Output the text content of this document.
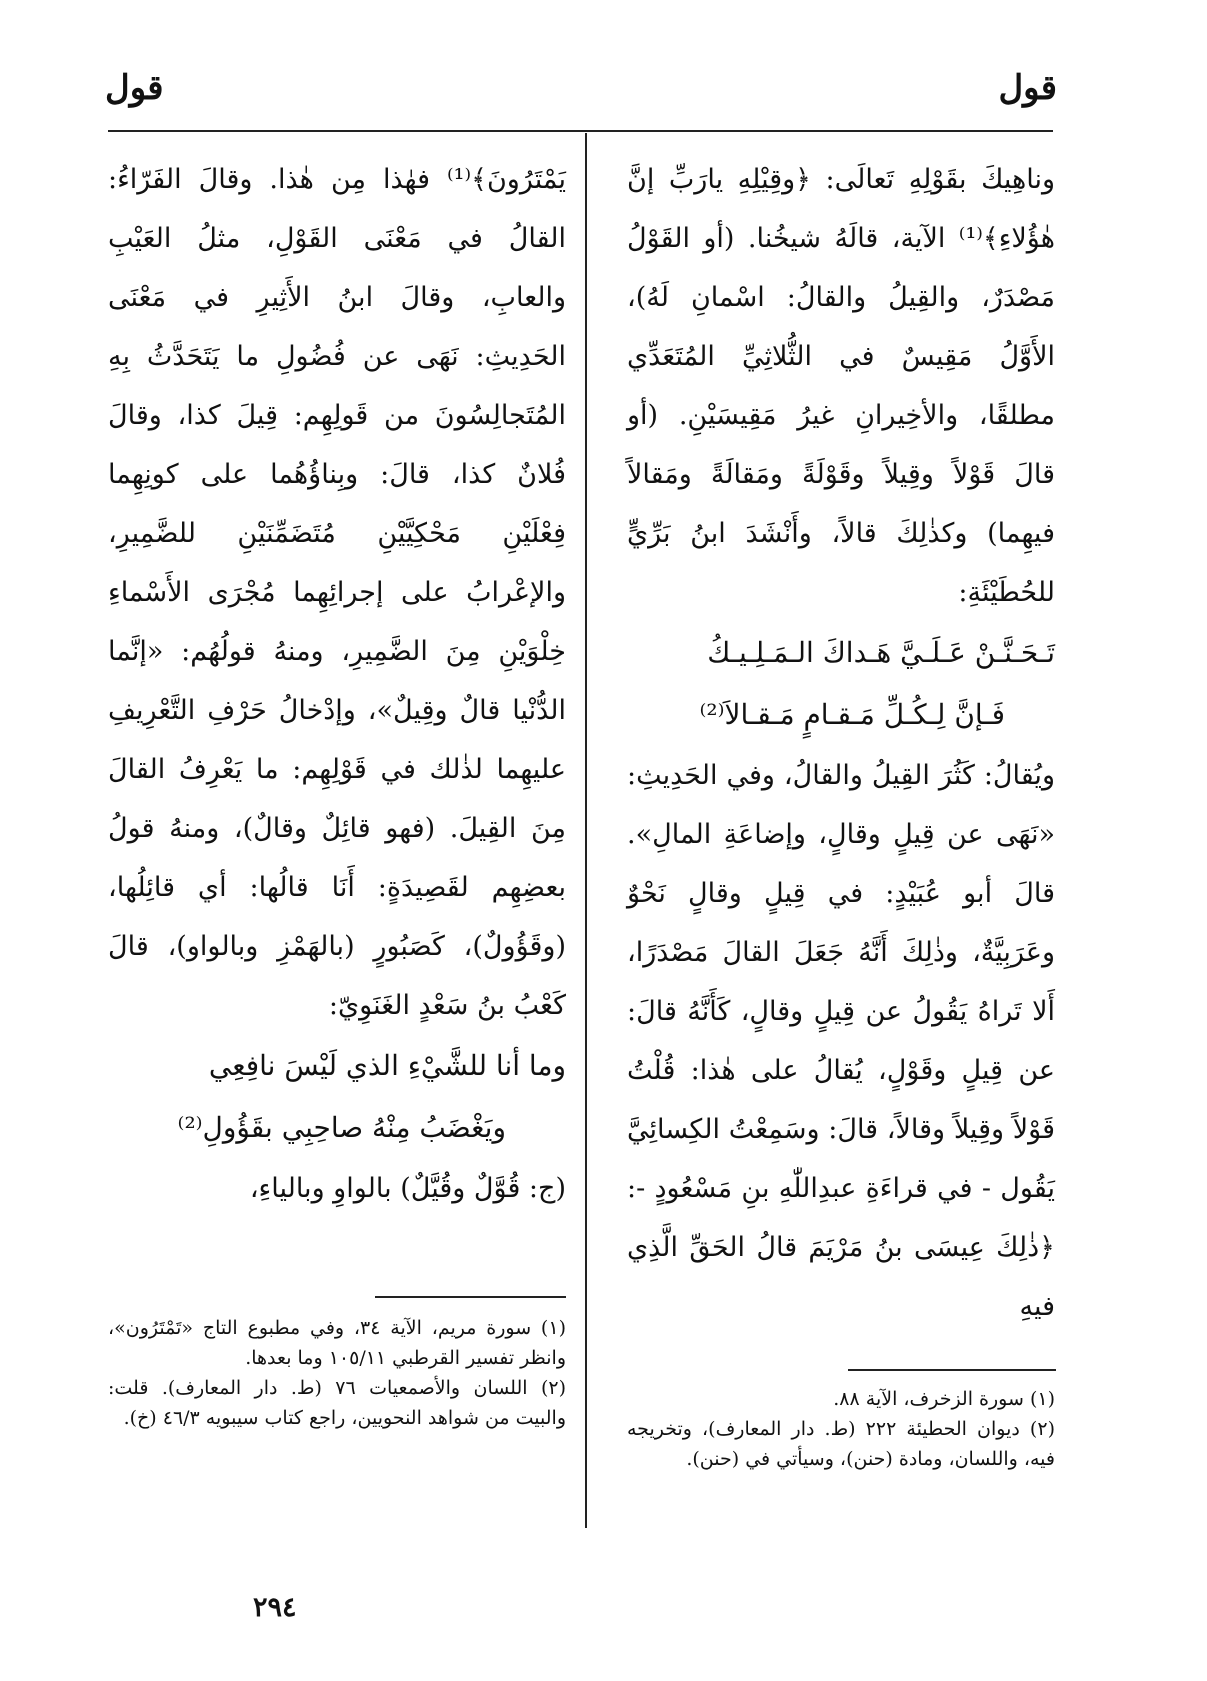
قول
قول

وناهِيكَ بقَوْلِهِ تَعالَى: ﴿وقِيْلِهِ يارَبِّ إنَّ هٰؤُلاءِ﴾⁽¹⁾ الآية، قالَهُ شيخُنا. (أو القَوْلُ مَصْدَرٌ، والقِيلُ والقالُ: اسْمانِ لَهُ)، الأَوَّلُ مَقِيسٌ في الثُّلاثِيِّ المُتَعَدِّي مطلقًا، والأخِيرانِ غيرُ مَقِيسَيْنِ. (أو قالَ قَوْلاً وقِيلاً وقَوْلَةً ومَقالَةً ومَقالاً فيهِما) وكذٰلِكَ قالاً، وأَنْشَدَ ابنُ بَرِّيٍّ للحُطَيْئَةِ:

تَـحَـنَّـنْ عَـلَـيَّ هَـداكَ الـمَـلِـيـكُ

فَـإنَّ لِـكُـلِّ مَـقـامٍ مَـقـالاَ⁽²⁾

ويُقالُ: كَثُرَ القِيلُ والقالُ، وفي الحَدِيثِ: «نَهَى عن قِيلٍ وقالٍ، وإضاعَةِ المالِ». قالَ أبو عُبَيْدٍ: في قِيلٍ وقالٍ نَحْوٌ وعَرَبِيَّةٌ، وذٰلِكَ أَنَّهُ جَعَلَ القالَ مَصْدَرًا، أَلا تَراهُ يَقُولُ عن قِيلٍ وقالٍ، كَأَنَّهُ قالَ: عن قِيلٍ وقَوْلٍ، يُقالُ على هٰذا: قُلْتُ قَوْلاً وقِيلاً وقالاً، قالَ: وسَمِعْتُ الكِسائِيَّ يَقُول - في قراءَةِ عبدِاللّٰهِ بنِ مَسْعُودٍ -: ﴿ذٰلِكَ عِيسَى بنُ مَرْيَمَ قالُ الحَقِّ الَّذِي فيهِ

يَمْتَرُونَ﴾⁽¹⁾ فهٰذا مِن هٰذا. وقالَ الفَرّاءُ: القالُ في مَعْنَى القَوْلِ، مثلُ العَيْبِ والعابِ، وقالَ ابنُ الأَثِيرِ في مَعْنَى الحَدِيثِ: نَهَى عن فُضُولِ ما يَتَحَدَّثُ بِهِ المُتَجالِسُونَ من قَولِهِم: قِيلَ كذا، وقالَ فُلانٌ كذا، قالَ: وبِناؤُهُما على كونِهِما فِعْلَيْنِ مَحْكِيَّيْنِ مُتَضَمِّنَيْنِ للضَّمِيرِ، والإعْرابُ على إجرائِهِما مُجْرَى الأَسْماءِ خِلْوَيْنِ مِنَ الضَّمِيرِ، ومنهُ قولُهُم: «إنَّما الدُّنْيا قالٌ وقِيلٌ»، وإدْخالُ حَرْفِ التَّعْرِيفِ عليهِما لذٰلك في قَوْلِهِم: ما يَعْرِفُ القالَ مِنَ القِيلَ. (فهو قائِلٌ وقالٌ)، ومنهُ قولُ بعضِهِم لقَصِيدَةٍ: أَنَا قالُها: أي قائِلُها، (وقَؤُولٌ)، كَصَبُورٍ (بالهَمْزِ وبالواو)، قالَ كَعْبُ بنُ سَعْدٍ الغَنَوِيّ:

وما أنا للشَّيْءِ الذي لَيْسَ نافِعِي

ويَغْضَبُ مِنْهُ صاحِبِي بقَؤُولِ⁽²⁾

(ج: قُوَّلٌ وقُيَّلٌ) بالواوِ وبالياءِ،

(١) سورة الزخرف، الآية ٨٨.

(٢) ديوان الحطيئة ٢٢٢ (ط. دار المعارف)، وتخريجه فيه، واللسان، ومادة (حنن)، وسيأتي في (حنن).

(١) سورة مريم، الآية ٣٤، وفي مطبوع التاج «تَمْتَرُون»، وانظر تفسير القرطبي ١٠٥/١١ وما بعدها.

(٢) اللسان والأصمعيات ٧٦ (ط. دار المعارف). قلت: والبيت من شواهد النحويين، راجع كتاب سيبويه ٤٦/٣ (خ).

٢٩٤
